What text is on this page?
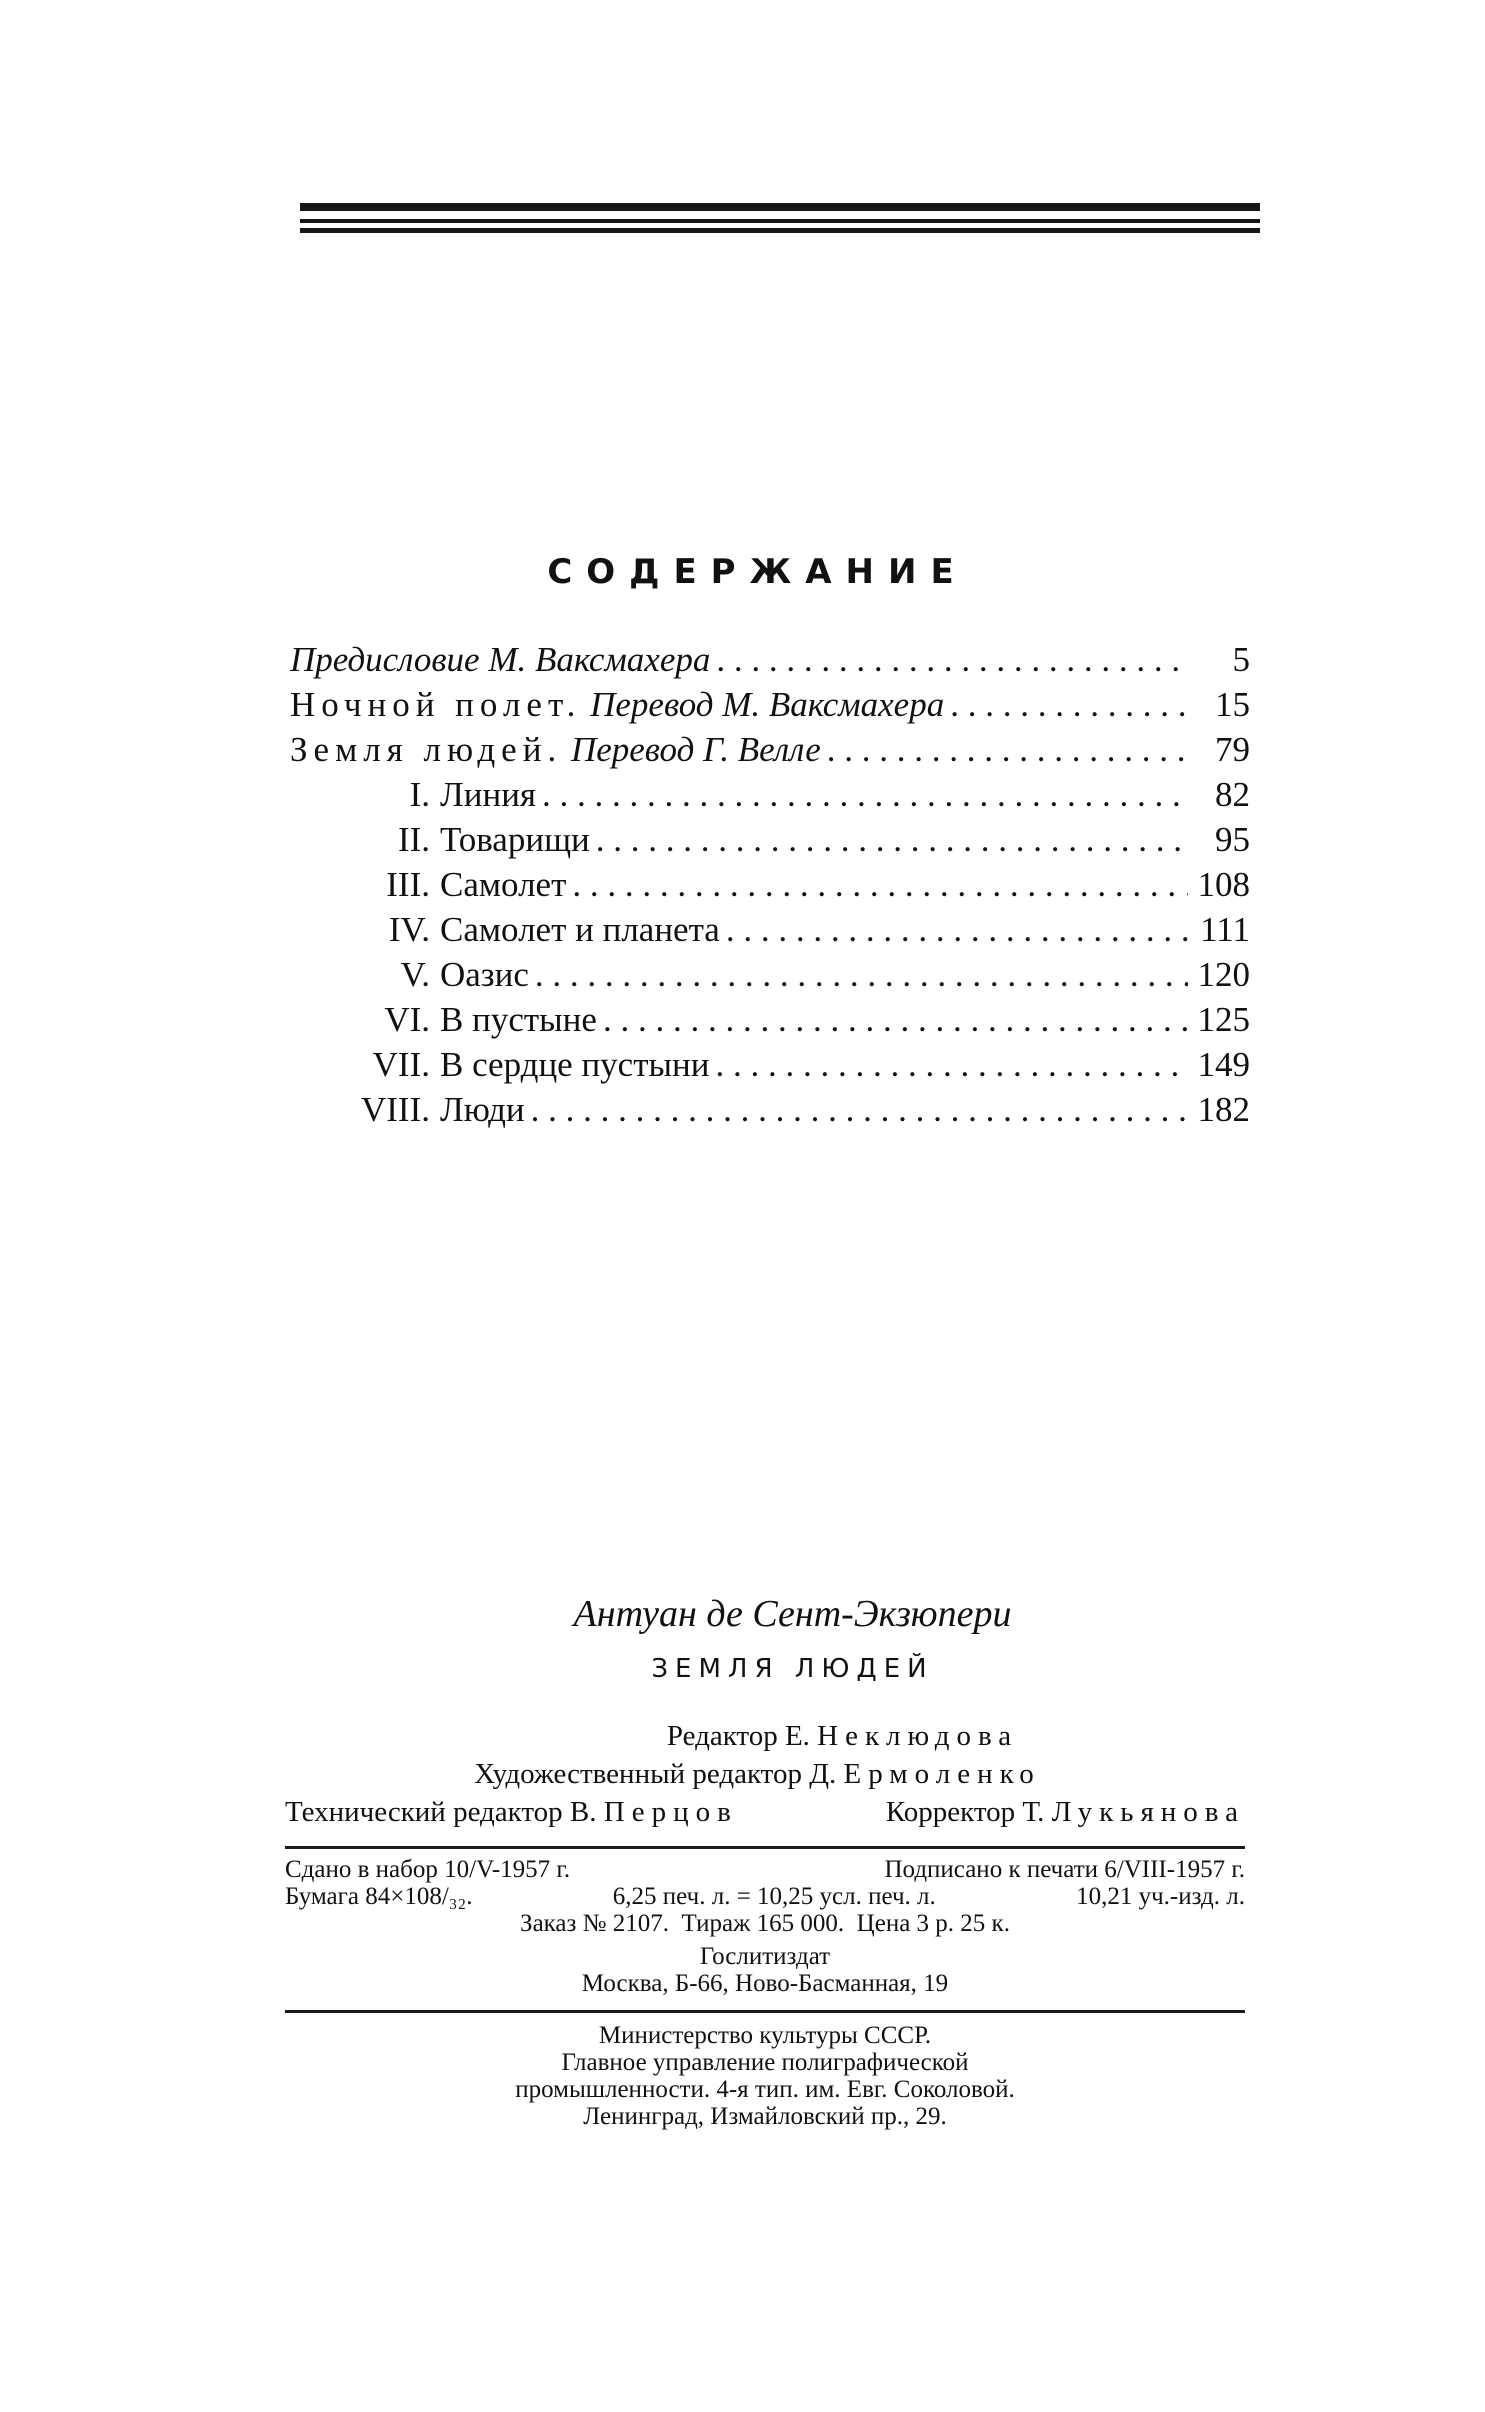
СОДЕРЖАНИЕ
Предисловие М. Ваксмахера . . .	5
Ночной полет. Перевод М. Ваксмахера . . .	15
Земля людей. Перевод Г. Велле . . .	79
I. Линия . . .	82
II. Товарищи . . .	95
III. Самолет . . .	108
IV. Самолет и планета . . .	111
V. Оазис . . .	120
VI. В пустыне . . .	125
VII. В сердце пустыни . . .	149
VIII. Люди . . .	182
Антуан де Сент-Экзюпери
ЗЕМЛЯ ЛЮДЕЙ
Редактор Е. Неклюдова
Художественный редактор Д. Ермоленко
Технический редактор В. Перцов	Корректор Т. Лукьянова
Сдано в набор 10/V-1957 г.	Подписано к печати 6/VIII-1957 г.
Бумага 84×108/₃₂.	6,25 печ. л. = 10,25 усл. печ. л.	10,21 уч.-изд. л.
Заказ № 2107.
Тираж 165 000.
Цена 3 р. 25 к.
Гослитиздат
Москва, Б-66, Ново-Басманная, 19
Министерство культуры СССР.
Главное управление полиграфической
промышленности. 4-я тип. им. Евг. Соколовой.
Ленинград, Измайловский пр., 29.
